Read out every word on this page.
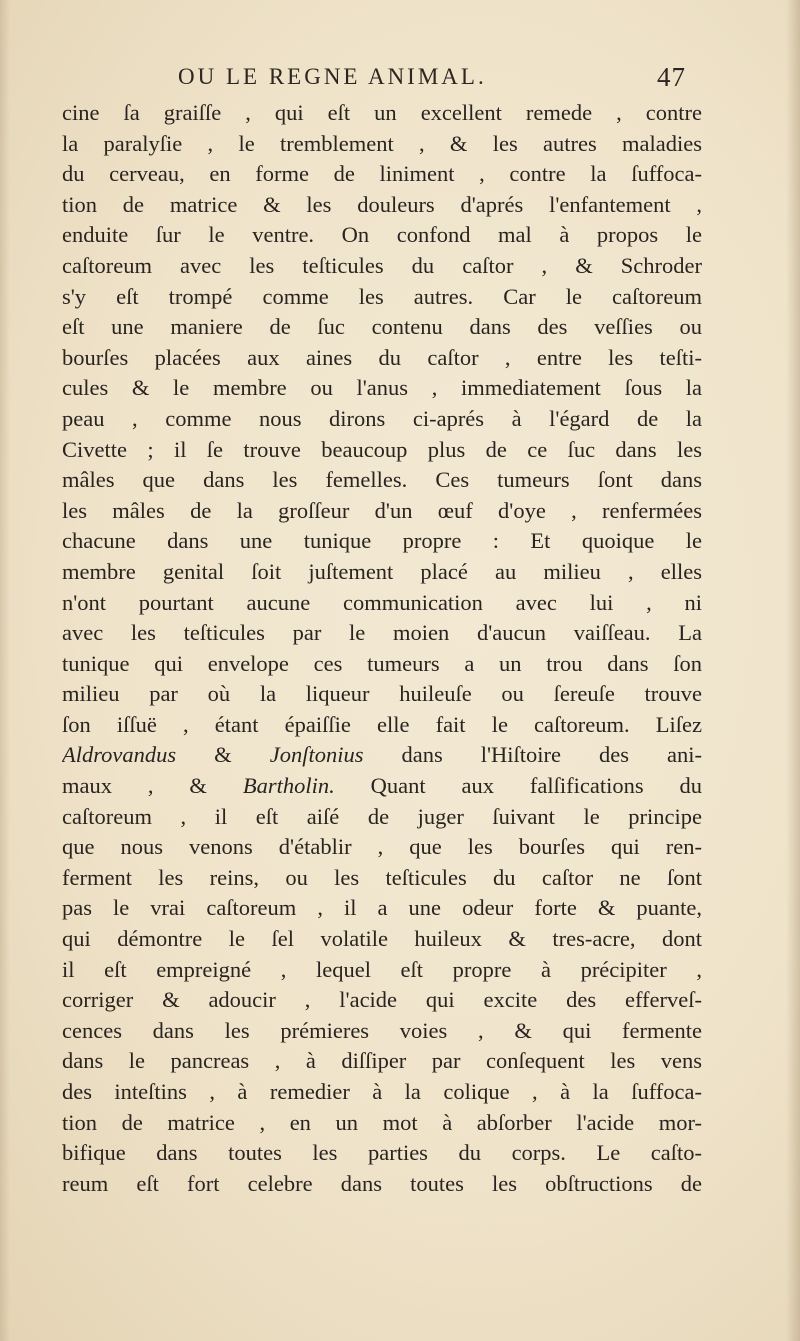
OU LE REGNE ANIMAL.	47
cine ſa graiſſe , qui eſt un excellent remede , contre
la paralyſie , le tremblement , & les autres maladies
du cerveau, en forme de liniment , contre la ſuffoca-
tion de matrice & les douleurs d'aprés l'enfantement ,
enduite ſur le ventre. On confond mal à propos le
caſtoreum avec les teſticules du caſtor , & Schroder
s'y eſt trompé comme les autres. Car le caſtoreum
eſt une maniere de ſuc contenu dans des veſſies ou
bourſes placées aux aines du caſtor , entre les teſti-
cules & le membre ou l'anus , immediatement ſous la
peau , comme nous dirons ci-aprés à l'égard de la
Civette ; il ſe trouve beaucoup plus de ce ſuc dans les
mâles que dans les femelles. Ces tumeurs ſont dans
les mâles de la groſſeur d'un œuf d'oye , renfermées
chacune dans une tunique propre : Et quoique le
membre genital ſoit juſtement placé au milieu , elles
n'ont pourtant aucune communication avec lui , ni
avec les teſticules par le moien d'aucun vaiſſeau. La
tunique qui envelope ces tumeurs a un trou dans ſon
milieu par où la liqueur huileuſe ou ſereuſe trouve
ſon iſſuë , étant épaiſſie elle fait le caſtoreum. Liſez
Aldrovandus & Jonſtonius dans l'Hiſtoire des ani-
maux , & Bartholin. Quant aux falſifications du
caſtoreum , il eſt aiſé de juger ſuivant le principe
que nous venons d'établir , que les bourſes qui ren-
ferment les reins, ou les teſticules du caſtor ne ſont
pas le vrai caſtoreum , il a une odeur forte & puante,
qui démontre le ſel volatile huileux & tres-acre, dont
il eſt empreigné , lequel eſt propre à précipiter ,
corriger & adoucir , l'acide qui excite des efferveſ-
cences dans les prémieres voies , & qui fermente
dans le pancreas , à diſſiper par conſequent les vens
des inteſtins , à remedier à la colique , à la ſuffoca-
tion de matrice , en un mot à abſorber l'acide mor-
bifique dans toutes les parties du corps. Le caſto-
reum eſt fort celebre dans toutes les obſtructions de
